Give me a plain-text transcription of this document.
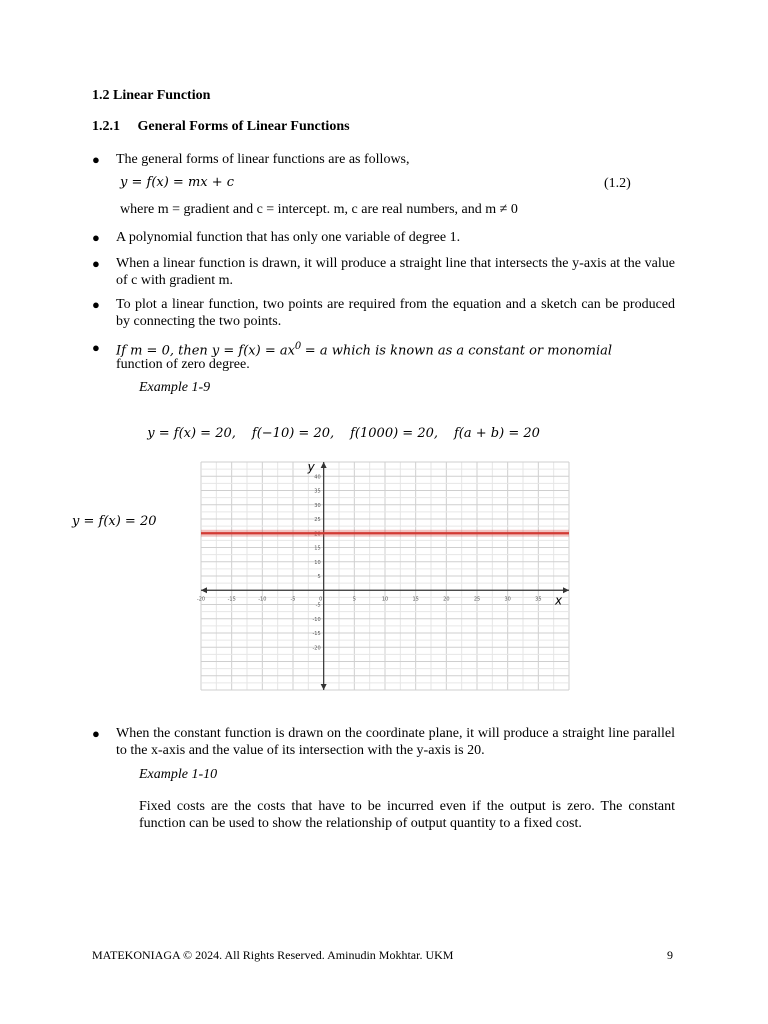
1.2 Linear Function
1.2.1 General Forms of Linear Functions
● The general forms of linear functions are as follows,
y = f(x) = mx + c	(1.2)
where m = gradient and c = intercept. m, c are real numbers, and m ≠ 0
● A polynomial function that has only one variable of degree 1.
● When a linear function is drawn, it will produce a straight line that intersects the y-axis at the value of c with gradient m.
● To plot a linear function, two points are required from the equation and a sketch can be produced by connecting the two points.
● If m = 0, then $y = f(x) = ax^0 = a$ which is known as a constant or monomial
function of zero degree.
Example 1-9

y = f(x) = 20, f(−10) = 20, f(1000) = 20, f(a + b) = 20

y = f(x) = 20
-20	-15	-10	-5	5	10	15	20	25	30	35
0
-20
-15
-10
-5
5
10
15
20
25
30
35
40
x
y
● When the constant function is drawn on the coordinate plane, it will produce a straight line parallel to the x-axis and the value of its intersection with the y-axis is 20.
Example 1-10
Fixed costs are the costs that have to be incurred even if the output is zero. The constant function can be used to show the relationship of output quantity to a fixed cost.
MATEKONIAGA © 2024. All Rights Reserved. Aminudin Mokhtar. UKM	9
